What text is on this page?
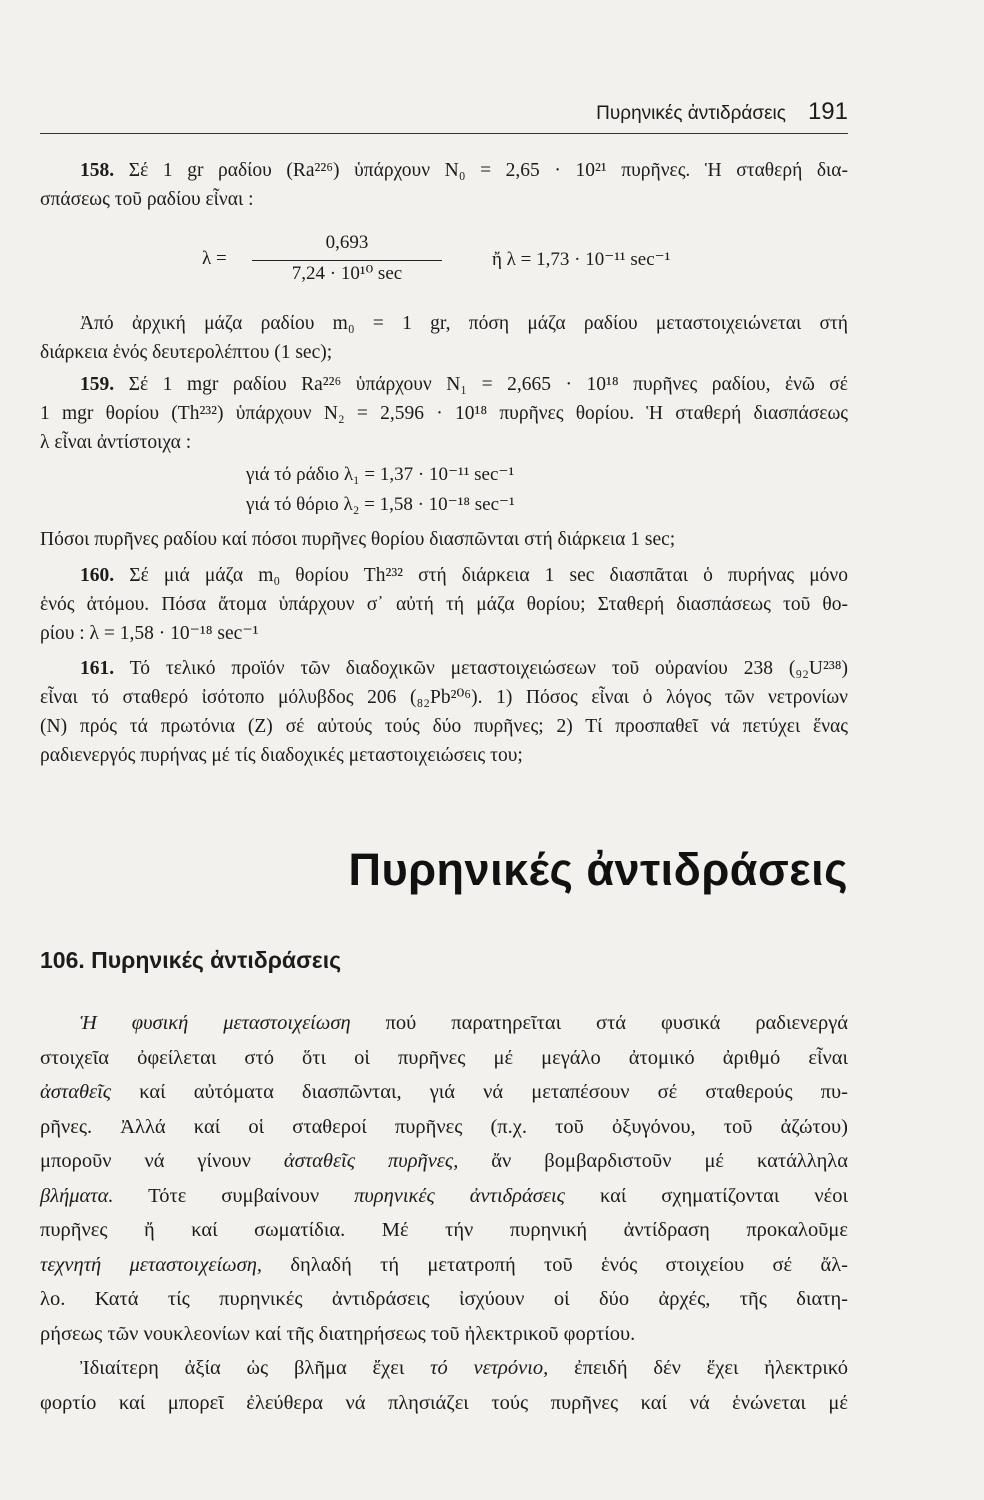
Πυρηνικές ἀντιδράσεις 191
158. Σέ 1 gr ραδίου (Ra²²⁶) ὑπάρχουν N₀ = 2,65 · 10²¹ πυρῆνες. Ἡ σταθερή δια-
σπάσεως τοῦ ραδίου εἶναι :
λ =
0,693
7,24 · 10¹⁰ sec
ἤ λ = 1,73 · 10⁻¹¹ sec⁻¹
Ἀπό ἀρχική μάζα ραδίου m₀ = 1 gr, πόση μάζα ραδίου μεταστοιχειώνεται στή
διάρκεια ἑνός δευτερολέπτου (1 sec);
159. Σέ 1 mgr ραδίου Ra²²⁶ ὑπάρχουν N₁ = 2,665 · 10¹⁸ πυρῆνες ραδίου, ἐνῶ σέ
1 mgr θορίου (Th²³²) ὑπάρχουν N₂ = 2,596 · 10¹⁸ πυρῆνες θορίου. Ἡ σταθερή διασπάσεως
λ εἶναι ἀντίστοιχα :
γιά τό ράδιο λ₁ = 1,37 · 10⁻¹¹ sec⁻¹
γιά τό θόριο λ₂ = 1,58 · 10⁻¹⁸ sec⁻¹
Πόσοι πυρῆνες ραδίου καί πόσοι πυρῆνες θορίου διασπῶνται στή διάρκεια 1 sec;
160. Σέ μιά μάζα m₀ θορίου Th²³² στή διάρκεια 1 sec διασπᾶται ὁ πυρήνας μόνο
ἑνός ἀτόμου. Πόσα ἄτομα ὑπάρχουν σ᾽ αὐτή τή μάζα θορίου; Σταθερή διασπάσεως τοῦ θο-
ρίου : λ = 1,58 · 10⁻¹⁸ sec⁻¹
161. Τό τελικό προϊόν τῶν διαδοχικῶν μεταστοιχειώσεων τοῦ οὐρανίου 238 (₉₂U²³⁸)
εἶναι τό σταθερό ἰσότοπο μόλυβδος 206 (₈₂Pb²⁰⁶). 1) Πόσος εἶναι ὁ λόγος τῶν νετρονίων
(N) πρός τά πρωτόνια (Z) σέ αὐτούς τούς δύο πυρῆνες; 2) Τί προσπαθεῖ νά πετύχει ἕνας
ραδιενεργός πυρήνας μέ τίς διαδοχικές μεταστοιχειώσεις του;
Πυρηνικές ἀντιδράσεις
106. Πυρηνικές ἀντιδράσεις
Ἡ φυσική μεταστοιχείωση πού παρατηρεῖται στά φυσικά ραδιενεργά
στοιχεῖα ὀφείλεται στό ὅτι οἱ πυρῆνες μέ μεγάλο ἀτομικό ἀριθμό εἶναι
ἀσταθεῖς καί αὐτόματα διασπῶνται, γιά νά μεταπέσουν σέ σταθερούς πυ-
ρῆνες. Ἀλλά καί οἱ σταθεροί πυρῆνες (π.χ. τοῦ ὀξυγόνου, τοῦ ἀζώτου)
μποροῦν νά γίνουν ἀσταθεῖς πυρῆνες, ἄν βομβαρδιστοῦν μέ κατάλληλα
βλήματα. Τότε συμβαίνουν πυρηνικές ἀντιδράσεις καί σχηματίζονται νέοι
πυρῆνες ἤ καί σωματίδια. Μέ τήν πυρηνική ἀντίδραση προκαλοῦμε
τεχνητή μεταστοιχείωση, δηλαδή τή μετατροπή τοῦ ἑνός στοιχείου σέ ἄλ-
λο. Κατά τίς πυρηνικές ἀντιδράσεις ἰσχύουν οἱ δύο ἀρχές, τῆς διατη-
ρήσεως τῶν νουκλεονίων καί τῆς διατηρήσεως τοῦ ἠλεκτρικοῦ φορτίου.
Ἰδιαίτερη ἀξία ὡς βλῆμα ἔχει τό νετρόνιο, ἐπειδή δέν ἔχει ἠλεκτρικό
φορτίο καί μπορεῖ ἐλεύθερα νά πλησιάζει τούς πυρῆνες καί νά ἑνώνεται μέ
